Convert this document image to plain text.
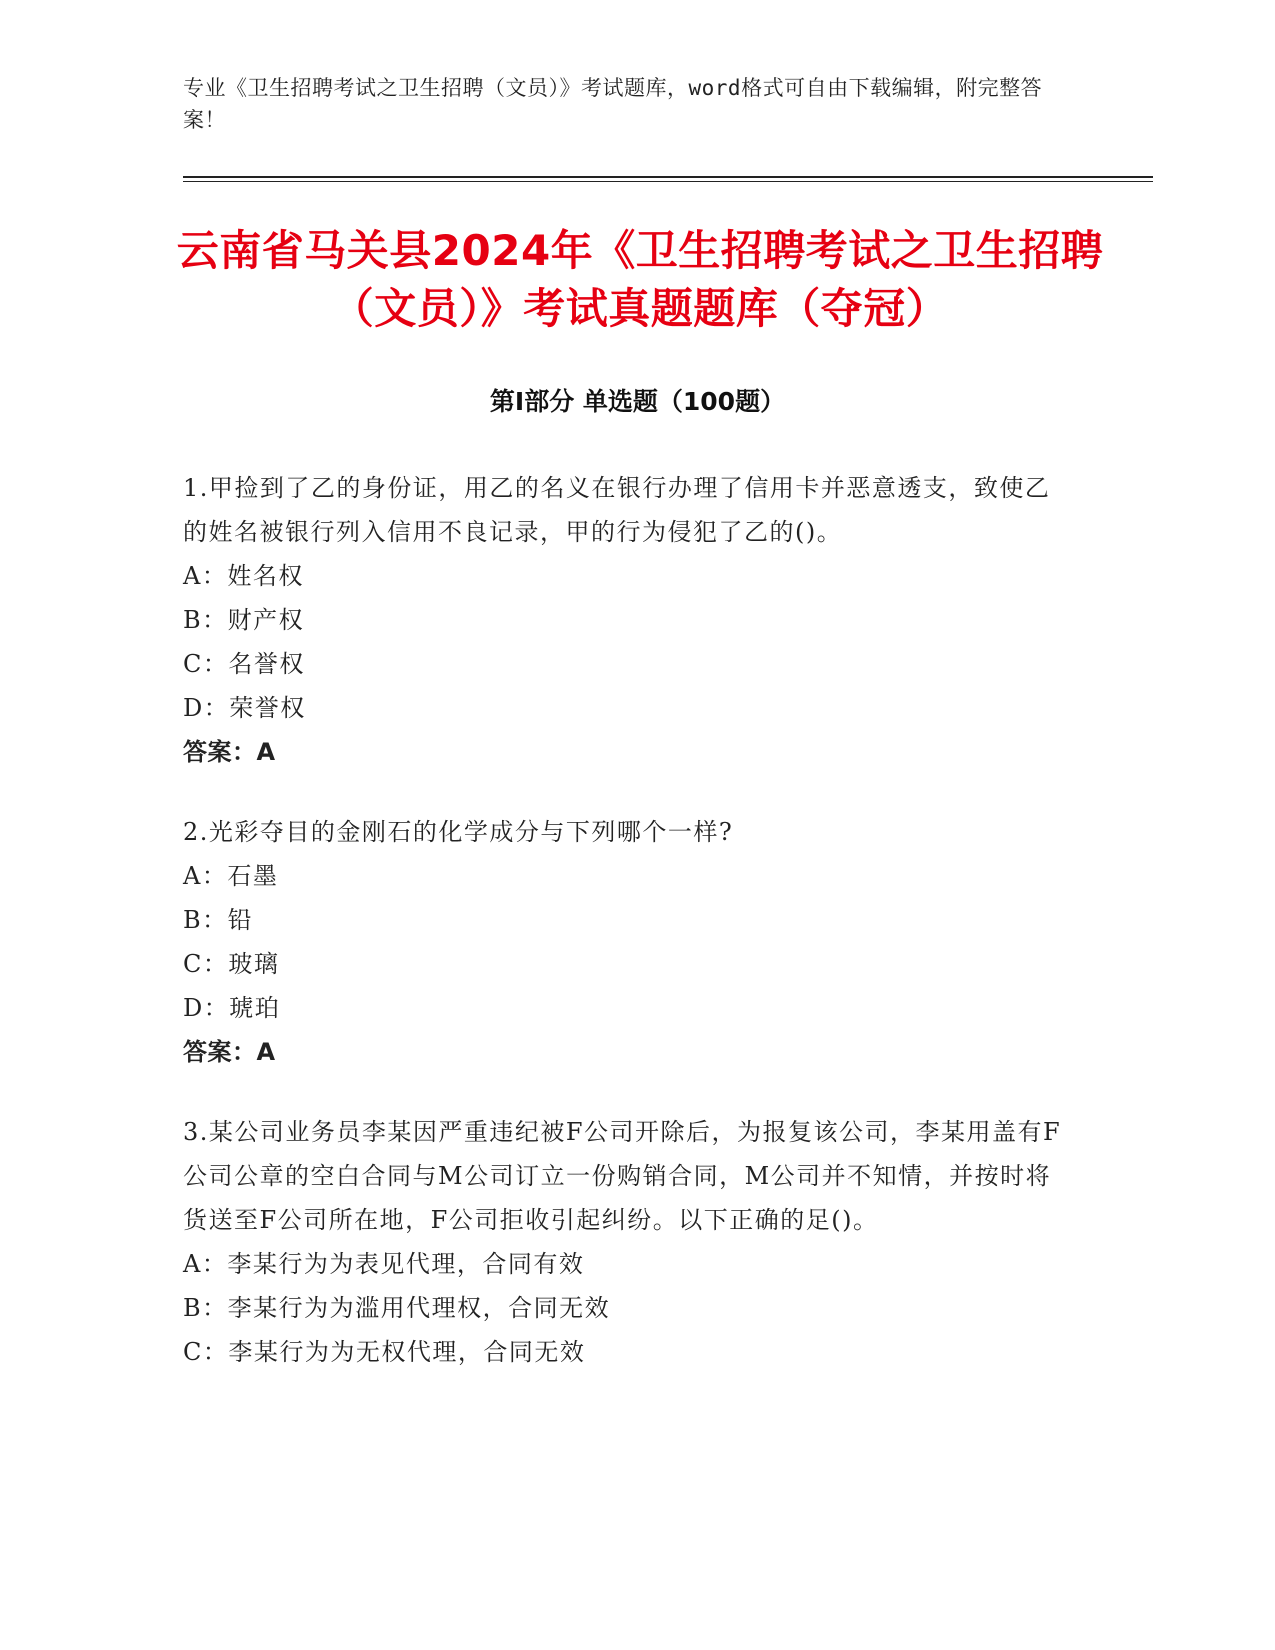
专业《卫生招聘考试之卫生招聘（文员）》考试题库，word格式可自由下载编辑，附完整答案！
云南省马关县2024年《卫生招聘考试之卫生招聘（文员）》考试真题题库（夺冠）
第Ⅰ部分 单选题（100题）
1.甲捡到了乙的身份证，用乙的名义在银行办理了信用卡并恶意透支，致使乙的姓名被银行列入信用不良记录，甲的行为侵犯了乙的()。
A：姓名权
B：财产权
C：名誉权
D：荣誉权
答案：A
2.光彩夺目的金刚石的化学成分与下列哪个一样?
A：石墨
B：铅
C：玻璃
D：琥珀
答案：A
3.某公司业务员李某因严重违纪被F公司开除后，为报复该公司，李某用盖有F公司公章的空白合同与M公司订立一份购销合同，M公司并不知情，并按时将货送至F公司所在地，F公司拒收引起纠纷。以下正确的足()。
A：李某行为为表见代理，合同有效
B：李某行为为滥用代理权，合同无效
C：李某行为为无权代理，合同无效
